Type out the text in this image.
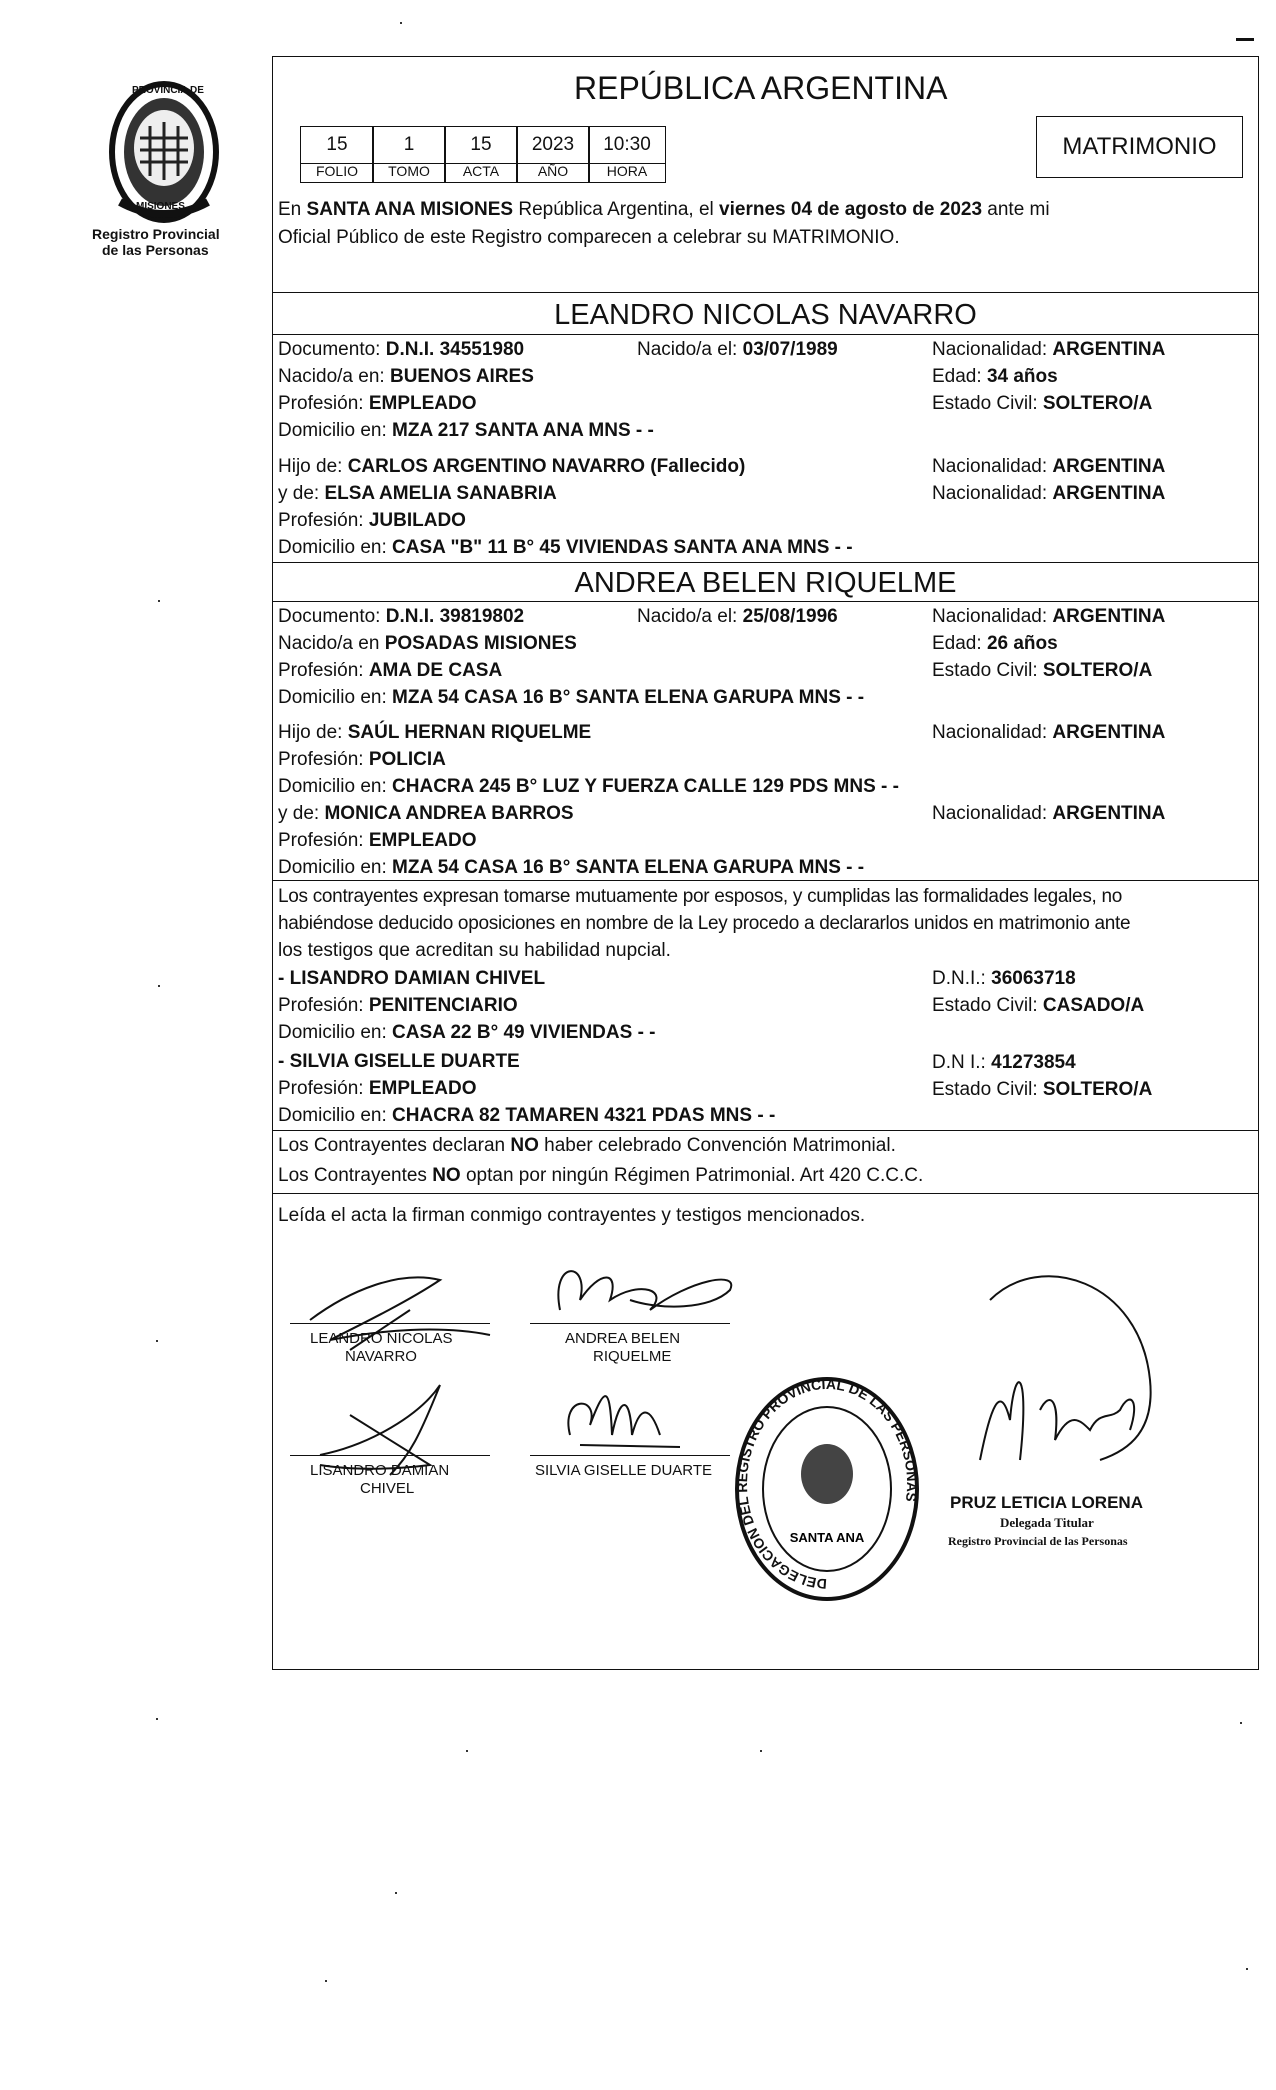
PROVINCIA DE
MISIONES
Registro Provincial
de las Personas
REPÚBLICA ARGENTINA
15	1	15	2023	10:30
FOLIO	TOMO	ACTA	AÑO	HORA
MATRIMONIO
En SANTA ANA MISIONES República Argentina, el viernes 04 de agosto de 2023 ante mi
Oficial Público de este Registro comparecen a celebrar su MATRIMONIO.
LEANDRO NICOLAS NAVARRO
Documento: D.N.I. 34551980	Nacido/a el: 03/07/1989	Nacionalidad: ARGENTINA
Nacido/a en: BUENOS AIRES	Edad: 34 años
Profesión: EMPLEADO	Estado Civil: SOLTERO/A
Domicilio en: MZA 217 SANTA ANA MNS - -
Hijo de: CARLOS ARGENTINO NAVARRO (Fallecido)	Nacionalidad: ARGENTINA
y de: ELSA AMELIA SANABRIA	Nacionalidad: ARGENTINA
Profesión: JUBILADO
Domicilio en: CASA "B" 11 B° 45 VIVIENDAS SANTA ANA MNS - -
ANDREA BELEN RIQUELME
Documento: D.N.I. 39819802	Nacido/a el: 25/08/1996	Nacionalidad: ARGENTINA
Nacido/a en POSADAS MISIONES	Edad: 26 años
Profesión: AMA DE CASA	Estado Civil: SOLTERO/A
Domicilio en: MZA 54 CASA 16 B° SANTA ELENA GARUPA MNS - -
Hijo de: SAÚL HERNAN RIQUELME	Nacionalidad: ARGENTINA
Profesión: POLICIA
Domicilio en: CHACRA 245 B° LUZ Y FUERZA CALLE 129 PDS MNS - -
y de: MONICA ANDREA BARROS	Nacionalidad: ARGENTINA
Profesión: EMPLEADO
Domicilio en: MZA 54 CASA 16 B° SANTA ELENA GARUPA MNS - -
Los contrayentes expresan tomarse mutuamente por esposos, y cumplidas las formalidades legales, no
habiéndose deducido oposiciones en nombre de la Ley procedo a declararlos unidos en matrimonio ante
los testigos que acreditan su habilidad nupcial.
- LISANDRO DAMIAN CHIVEL	D.N.I.: 36063718
Profesión: PENITENCIARIO	Estado Civil: CASADO/A
Domicilio en: CASA 22 B° 49 VIVIENDAS - -
- SILVIA GISELLE DUARTE	D.N I.: 41273854
Profesión: EMPLEADO	Estado Civil: SOLTERO/A
Domicilio en: CHACRA 82 TAMAREN 4321 PDAS MNS - -
Los Contrayentes declaran NO haber celebrado Convención Matrimonial.
Los Contrayentes NO optan por ningún Régimen Patrimonial. Art 420 C.C.C.
Leída el acta la firman conmigo contrayentes y testigos mencionados.
LEANDRO NICOLAS
NAVARRO
ANDREA BELEN
RIQUELME
LISANDRO DAMIAN
CHIVEL
SILVIA GISELLE DUARTE
DELEGACION DEL REGISTRO PROVINCIAL DE LAS PERSONAS
SANTA ANA
PRUZ LETICIA LORENA
Delegada Titular
Registro Provincial de las Personas
